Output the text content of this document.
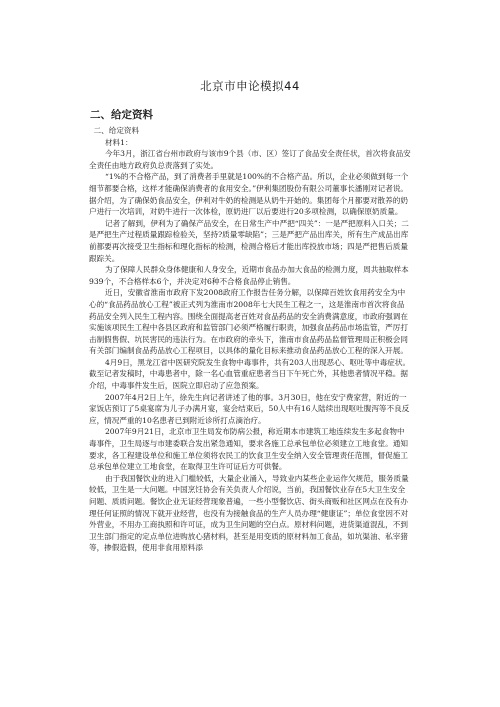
北京市申论模拟44
二、给定资料

二、给定资料

材料1：

今年3月，浙江省台州市政府与该市9个县（市、区）签订了食品安全责任状，首次将食品安全责任由地方政府负总责落到了实处。

“1%的不合格产品，到了消费者手里就是100%的不合格产品。所以，企业必须做到每一个细节都要合格，这样才能确保消费者的食用安全。”伊利集团股份有限公司董事长潘刚对记者说。据介绍，为了确保奶食品安全，伊利对牛奶的检测是从奶牛开始的。集团每个月都要对散养的奶户进行一次培训，对奶牛进行一次体检，原奶进厂以后要进行20多项检测，以确保原奶质量。

记者了解到，伊利为了确保产品安全，在日常生产中严把“四关”：一是严把原料入口关；二是严把生产过程质量跟踪检验关，坚持?质量零缺陷”；三是严把产品出库关，所有生产成品出库前都要再次接受卫生指标和理化指标的检测，检测合格后才能出库投放市场；四是严把售后质量跟踪关。

为了保障人民群众身体健康和人身安全，近期市食品办加大食品的检测力度，周共抽取样本939个，不合格样本6个，并决定对6种不合格食品停止销售。

近日，安徽省淮南市政府下发2008政府工作报告任务分解，以保障百姓饮食用药安全为中心的“食品药品放心工程”被正式列为淮南市2008年七大民生工程之一，这是淮南市首次将食品药品安全列入民生工程内容。围绕全面提高老百姓对食品药品的安全消费满意度，市政府强调在实施该项民生工程中各县区政府和监管部门必须严格履行职责，加强食品药品市场监管，严厉打击制假售假、坑民害民的违法行为。在市政府的牵头下，淮南市食品药品监督管理局正积极会同有关部门编制食品药品放心工程项目，以具体的量化目标来推动食品药品放心工程的深入开展。

4月9日，黑龙江省中医研究院发生食物中毒事件，共有203人出现恶心、呕吐等中毒症状。截至记者发稿时，中毒患者中，除一名心血管重症患者当日下午死亡外，其他患者情况平稳。据介绍，中毒事件发生后，医院立即启动了应急预案。

2007年4月2日上午，徐先生向记者讲述了他的事。3月30日，他在安宁费家营，附近的一家饭店预订了5桌宴席为儿子办满月宴，宴会结束后，50人中有16人陆续出现呕吐腹泻等不良反应，情况严重的10名患者已到附近诊所打点滴治疗。

2007年9月21日，北京市卫生局发布防病公报，称近期本市建筑工地连续发生多起食物中毒事件，卫生局逐与市建委联合发出紧急通知，要求各施工总承包单位必须建立工地食堂。通知要求，各工程建设单位和施工单位须将农民工的饮食卫生安全纳入安全管理责任范围，督促施工总承包单位建立工地食堂，在取得卫生许可证后方可供餐。

由于我国餐饮业的进入门槛较低，大量企业涌入，导致业内某些企业运作欠规范，服务质量较低，卫生是一大问题。中国烹饪协会有关负责人介绍说，当前，我国餐饮业存在5大卫生安全问题、质质问题。餐饮企业无证经营现象普遍，一些小型餐饮店、街头商贩和社区网点在没有办理任何证照的情况下就开业经营，也没有为接触食品的生产人员办理“健康证”；单位食堂因不对外营业，不用办工商执照和许可证，成为卫生问题的空白点。原材料问题，进货渠道混乱，不到卫生部门指定的定点单位进购放心猪材料，甚至是用变质的原材料加工食品，如坑渠油、私宰猪等，掺假造假，使用非食用原料添
